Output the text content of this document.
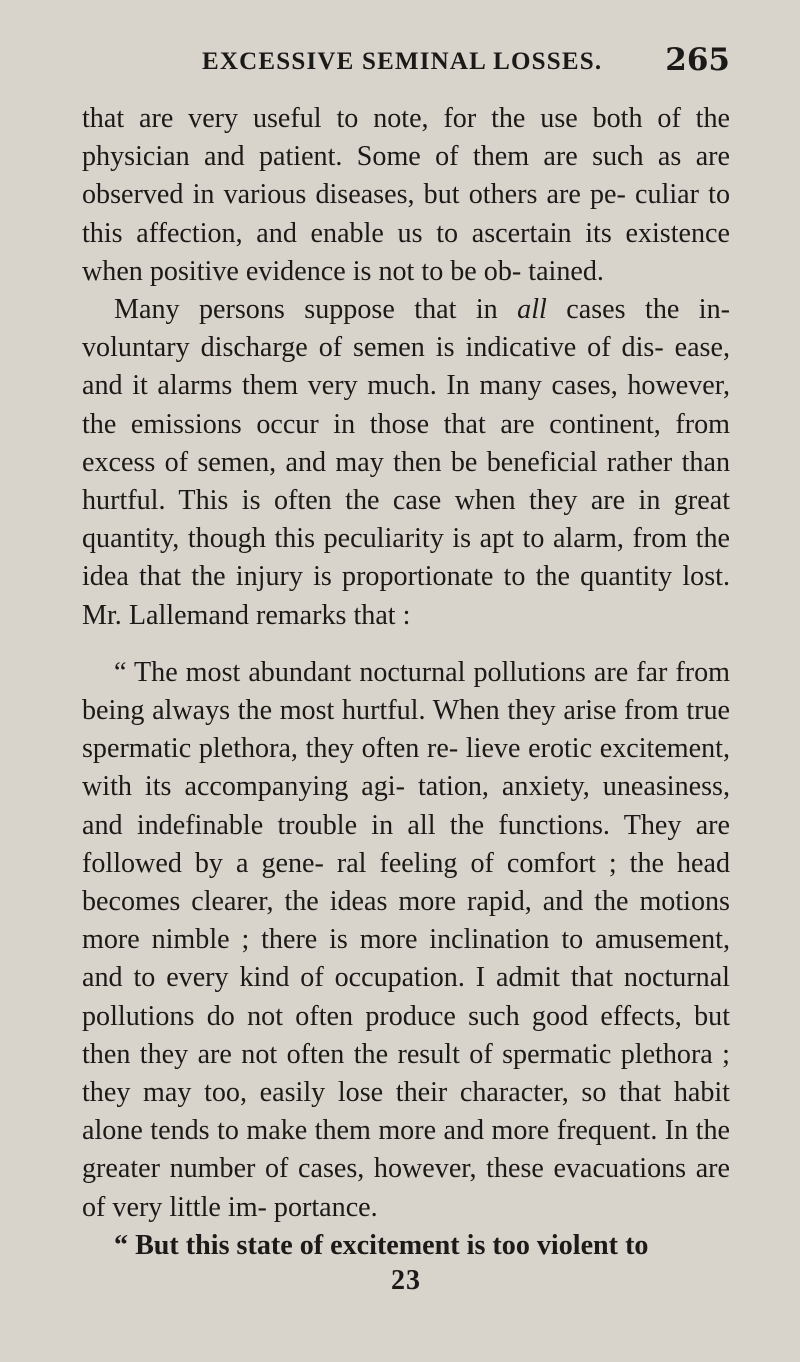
EXCESSIVE SEMINAL LOSSES. 265

that are very useful to note, for the use both of the physician and patient. Some of them are such as are observed in various diseases, but others are pe- culiar to this affection, and enable us to ascertain its existence when positive evidence is not to be ob- tained.

Many persons suppose that in all cases the in- voluntary discharge of semen is indicative of dis- ease, and it alarms them very much. In many cases, however, the emissions occur in those that are continent, from excess of semen, and may then be beneficial rather than hurtful. This is often the case when they are in great quantity, though this peculiarity is apt to alarm, from the idea that the injury is proportionate to the quantity lost. Mr. Lallemand remarks that :

“ The most abundant nocturnal pollutions are far from being always the most hurtful. When they arise from true spermatic plethora, they often re- lieve erotic excitement, with its accompanying agi- tation, anxiety, uneasiness, and indefinable trouble in all the functions. They are followed by a gene- ral feeling of comfort ; the head becomes clearer, the ideas more rapid, and the motions more nimble ; there is more inclination to amusement, and to every kind of occupation. I admit that nocturnal pollutions do not often produce such good effects, but then they are not often the result of spermatic plethora ; they may too, easily lose their character, so that habit alone tends to make them more and more frequent. In the greater number of cases, however, these evacuations are of very little im- portance.

“ But this state of excitement is too violent to

23
